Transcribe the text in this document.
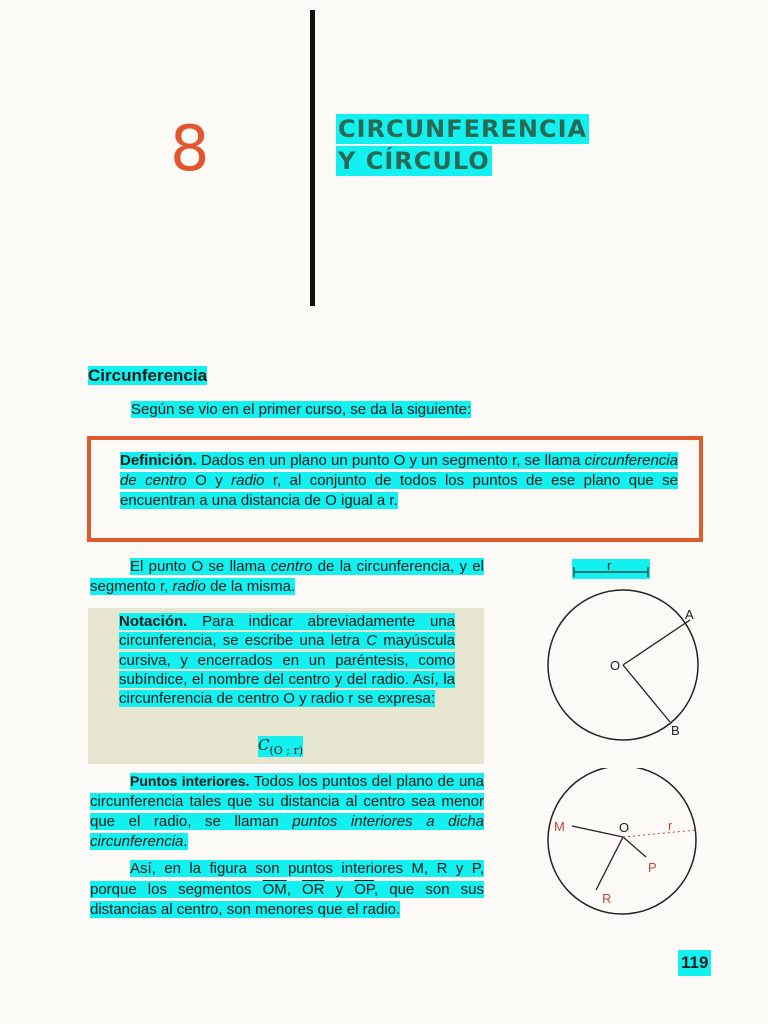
8	CIRCUNFERENCIA
Y CÍRCULO
Circunferencia
Según se vio en el primer curso, se da la siguiente:
Definición. Dados en un plano un punto O y un segmento r, se llama circunferencia de centro O y radio r, al conjunto de todos los puntos de ese plano que se encuentran a una distancia de O igual a r.
El punto O se llama centro de la circunferencia, y el segmento r, radio de la misma.
Notación. Para indicar abreviadamente una circunferencia, se escribe una letra C mayúscula cursiva, y encerrados en un paréntesis, como subíndice, el nombre del centro y del radio. Así, la circunferencia de centro O y radio r se expresa:
$C_{(O ; r)}$
Puntos interiores. Todos los puntos del plano de una circunferencia tales que su distancia al centro sea menor que el radio, se llaman puntos interiores a dicha circunferencia.
Así, en la figura son puntos interiores M, R y P, porque los segmentos $\overline{OM}$, $\overline{OR}$ y $\overline{OP}$, que son sus distancias al centro, son menores que el radio.
119
r
O
A
B
r
O
M
P
R
